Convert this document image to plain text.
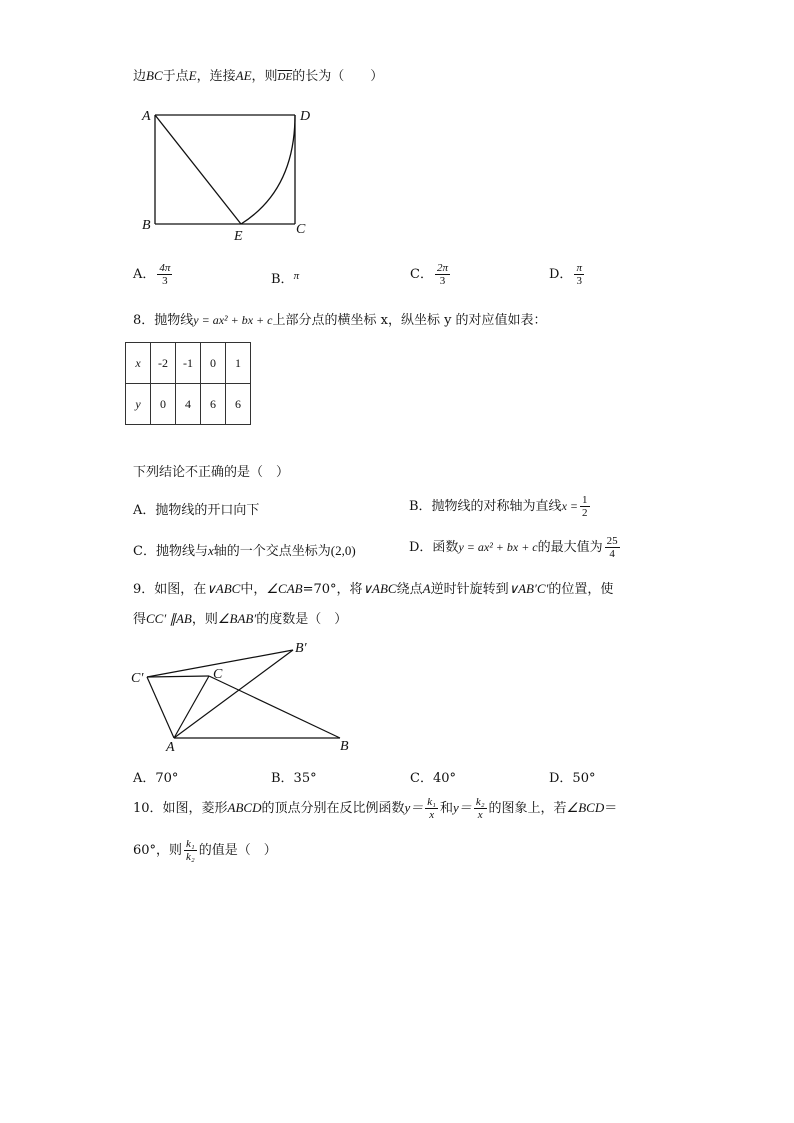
边BC于点E，连接AE，则$\overline{DE}$的长为（　　）
A	D
B
E	C
A． $\frac{4\pi}{3}$	B．$^\pi$	C． $\frac{2\pi}{3}$	D． $\frac{\pi}{3}$
8．抛物线y = ax² + bx + c上部分点的横坐标 x，纵坐标 y 的对应值如表：
x	-2	-1	0	1
y	0	4	6	6
下列结论不正确的是（　）
A．抛物线的开口向下	B．抛物线的对称轴为直线$x = \frac{1}{2}$
C．抛物线与x轴的一个交点坐标为(2,0)	D．函数y = ax² + bx + c的最大值为 $\frac{25}{4}$
9．如图，在∨ABC中，∠CAB=70°，将∨ABC绕点A逆时针旋转到∨AB′C′的位置，使
得CC′ ∥AB，则∠BAB′的度数是（　）
C′	C
B′
A	B
A．70°	B．35°	C．40°	D．50°
10．如图，菱形ABCD的顶点分别在反比例函数$y= \frac{\text{k₁}}{x}$ 和$y= \frac{\text{k₂}}{x}$ 的图象上，若∠BCD＝
60°，则 $\frac{\text{k₁}}{\text{k₂}}$ 的值是（　）
